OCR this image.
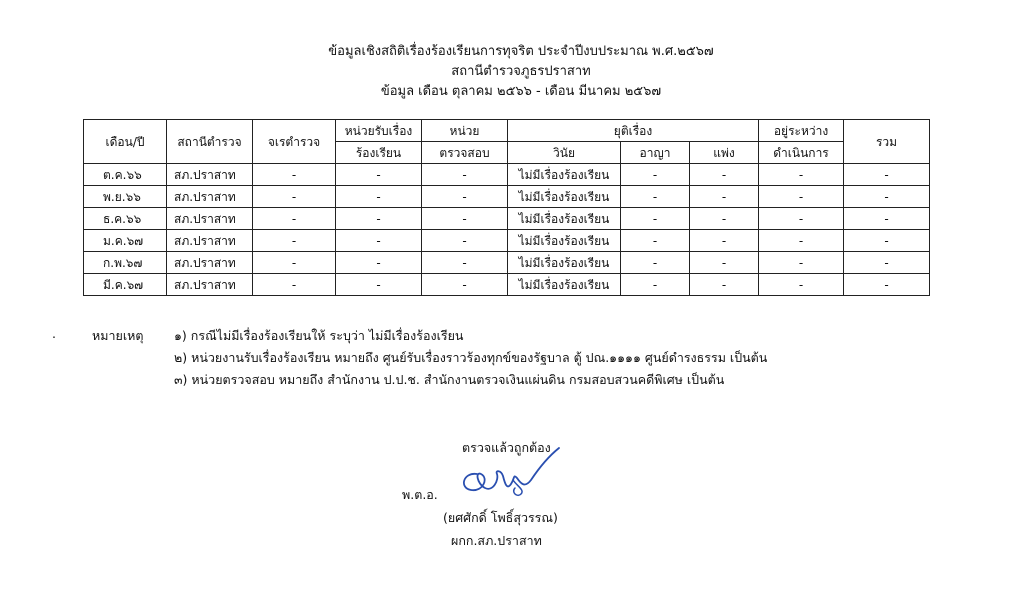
ข้อมูลเชิงสถิติเรื่องร้องเรียนการทุจริต ประจำปีงบประมาณ พ.ศ.๒๕๖๗
สถานีตำรวจภูธรปราสาท
ข้อมูล เดือน ตุลาคม ๒๕๖๖ - เดือน มีนาคม ๒๕๖๗
เดือน/ปี	สถานีตำรวจ	จเรตำรวจ	หน่วยรับเรื่อง	หน่วย	ยุติเรื่อง			อยู่ระหว่าง	รวม
			ร้องเรียน	ตรวจสอบ	วินัย	อาญา	แพ่ง	ดำเนินการ	
ต.ค.๖๖	สภ.ปราสาท	-	-	-	ไม่มีเรื่องร้องเรียน	-	-	-	-
พ.ย.๖๖	สภ.ปราสาท	-	-	-	ไม่มีเรื่องร้องเรียน	-	-	-	-
ธ.ค.๖๖	สภ.ปราสาท	-	-	-	ไม่มีเรื่องร้องเรียน	-	-	-	-
ม.ค.๖๗	สภ.ปราสาท	-	-	-	ไม่มีเรื่องร้องเรียน	-	-	-	-
ก.พ.๖๗	สภ.ปราสาท	-	-	-	ไม่มีเรื่องร้องเรียน	-	-	-	-
มี.ค.๖๗	สภ.ปราสาท	-	-	-	ไม่มีเรื่องร้องเรียน	-	-	-	-
.	หมายเหตุ ๑) กรณีไม่มีเรื่องร้องเรียนให้ ระบุว่า ไม่มีเรื่องร้องเรียน
๒) หน่วยงานรับเรื่องร้องเรียน หมายถึง ศูนย์รับเรื่องราวร้องทุกข์ของรัฐบาล ตู้ ปณ.๑๑๑๑ ศูนย์ดำรงธรรม เป็นต้น
๓) หน่วยตรวจสอบ หมายถึง สำนักงาน ป.ป.ช. สำนักงานตรวจเงินแผ่นดิน กรมสอบสวนคดีพิเศษ เป็นต้น
ตรวจแล้วถูกต้อง
พ.ต.อ.
(ยศศักดิ์ โพธิ์สุวรรณ)
ผกก.สภ.ปราสาท
